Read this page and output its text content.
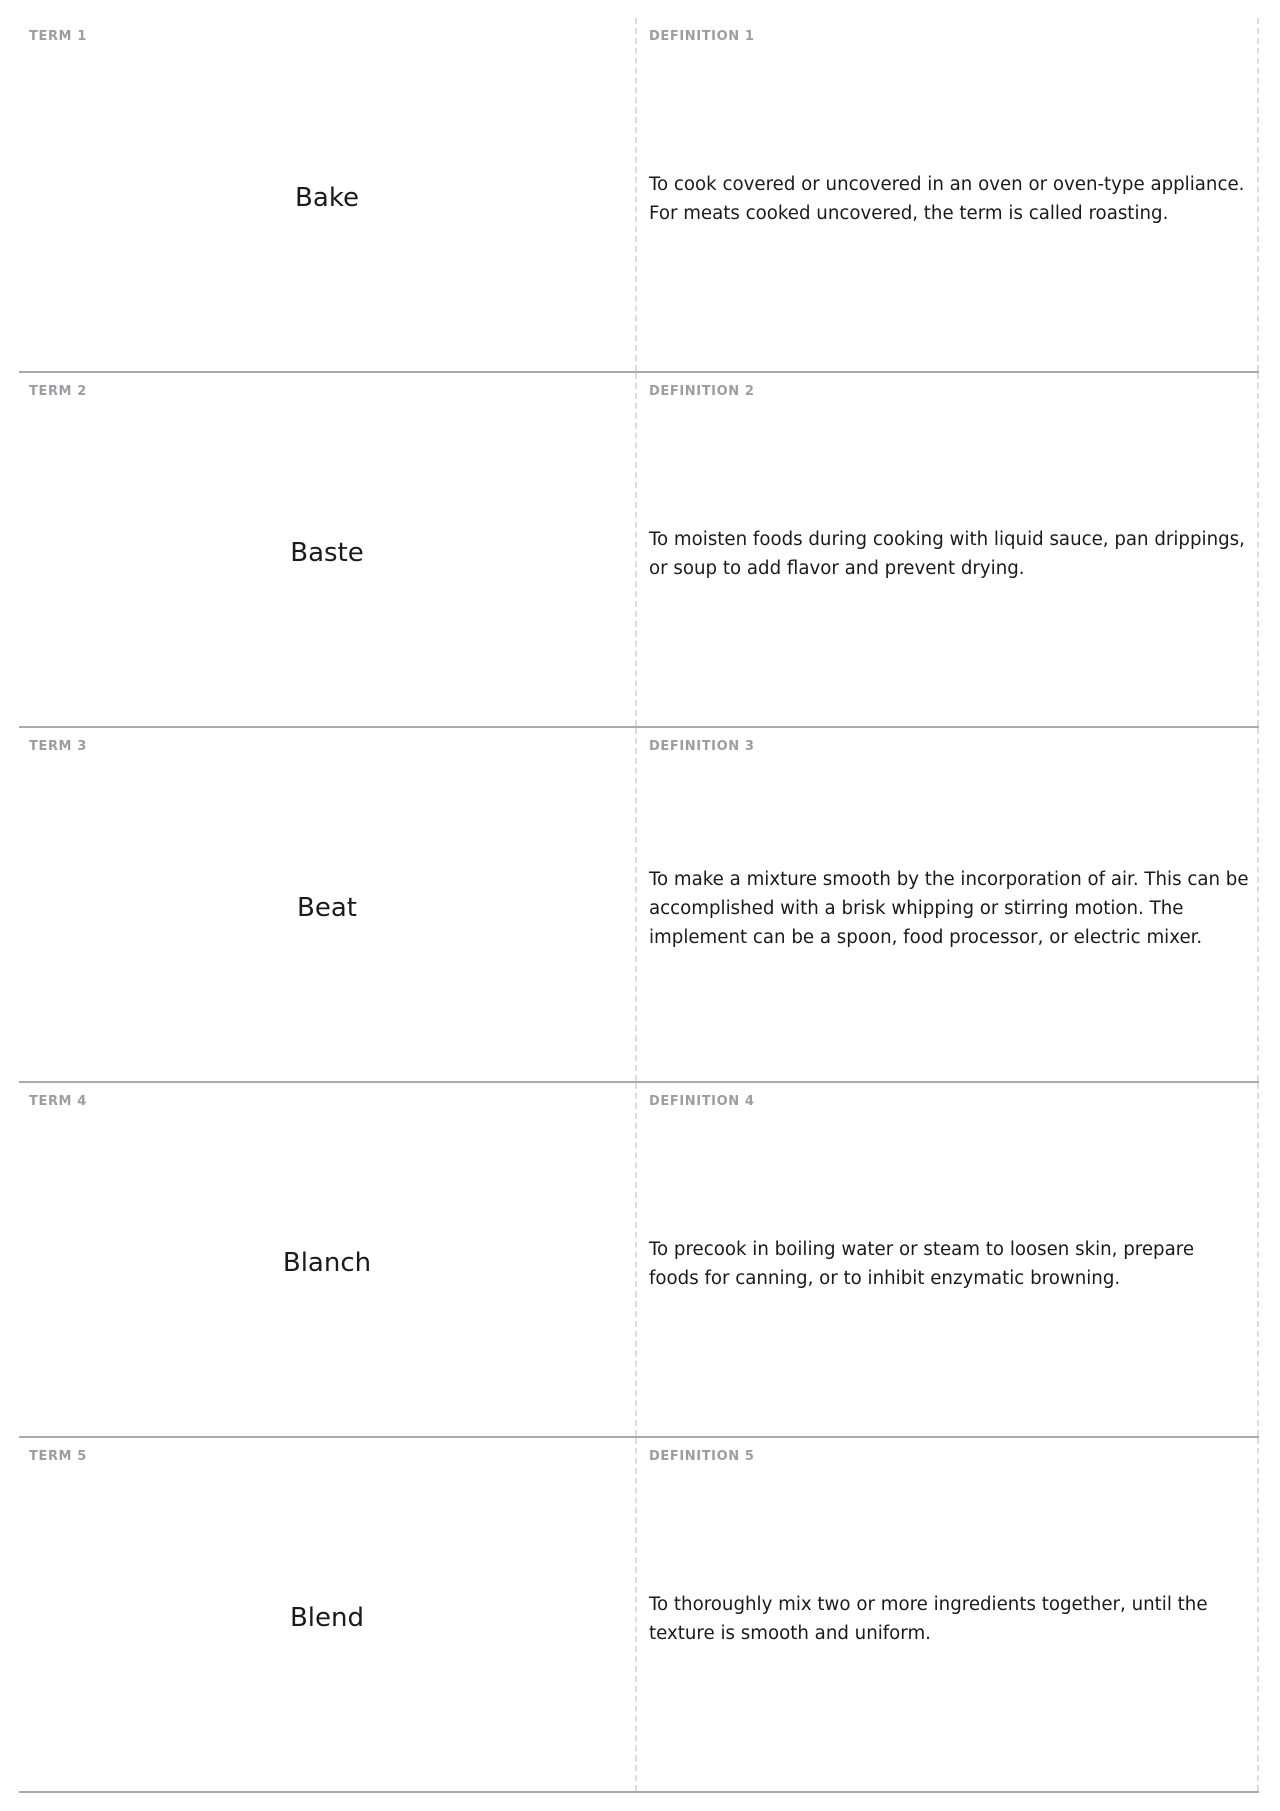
TERM 1
Bake
DEFINITION 1
To cook covered or uncovered in an oven or oven-type appliance. For meats cooked uncovered, the term is called roasting.
TERM 2
Baste
DEFINITION 2
To moisten foods during cooking with liquid sauce, pan drippings, or soup to add flavor and prevent drying.
TERM 3
Beat
DEFINITION 3
To make a mixture smooth by the incorporation of air. This can be accomplished with a brisk whipping or stirring motion. The implement can be a spoon, food processor, or electric mixer.
TERM 4
Blanch
DEFINITION 4
To precook in boiling water or steam to loosen skin, prepare foods for canning, or to inhibit enzymatic browning.
TERM 5
Blend
DEFINITION 5
To thoroughly mix two or more ingredients together, until the texture is smooth and uniform.
